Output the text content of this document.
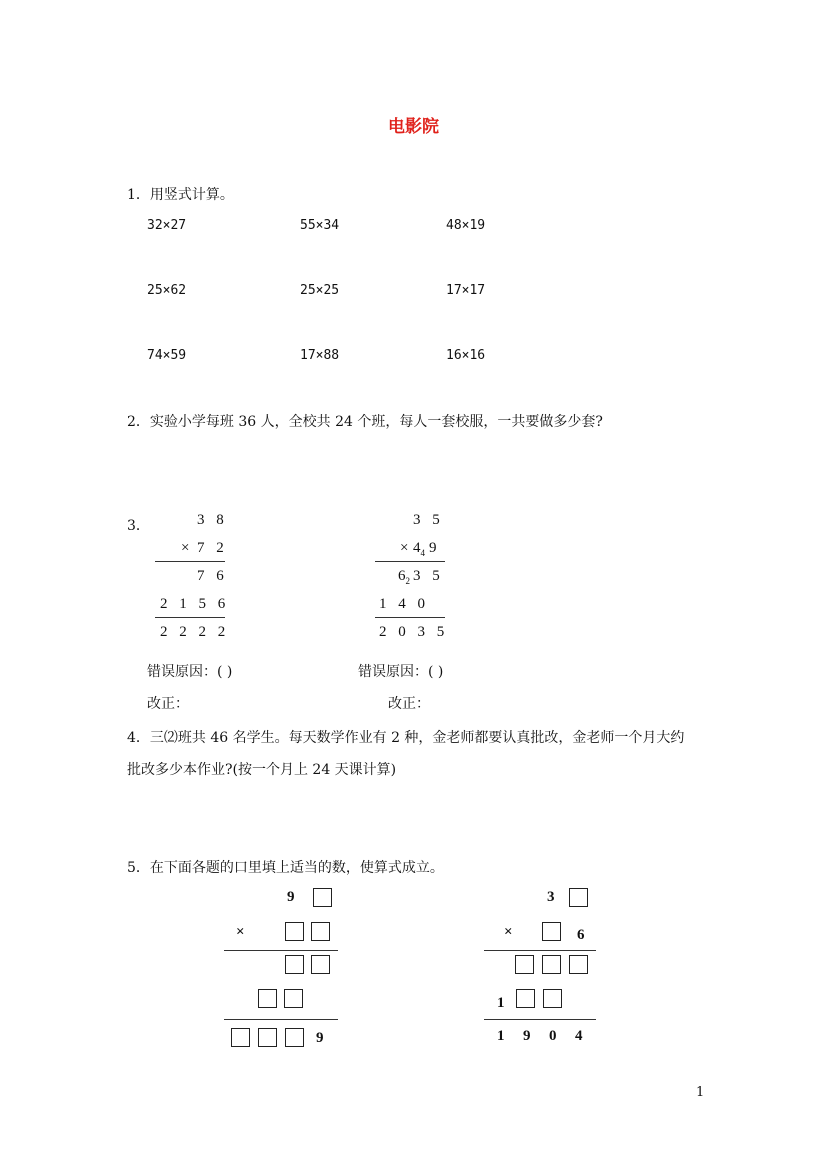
电影院
1．用竖式计算。
32×27	55×34	48×19
25×62	25×25	17×17
74×59	17×88	16×16
2．实验小学每班 36 人，全校共 24 个班，每人一套校服，一共要做多少套?
3．	3 8
× 7 2
7 6
2 1 5 6
2 2 2 2
3 5
× $4_4$ 9
$6_2$ 3 5
1 4 0
2 0 3 5
错误原因：( )	错误原因：( )
改正：	改正：
4．三⑵班共 46 名学生。每天数学作业有 2 种，金老师都要认真批改，金老师一个月大约
批改多少本作业?(按一个月上 24 天课计算)
5．在下面各题的口里填上适当的数，使算式成立。
9
×
9
3
×	6
1
1 9 0 4
1
